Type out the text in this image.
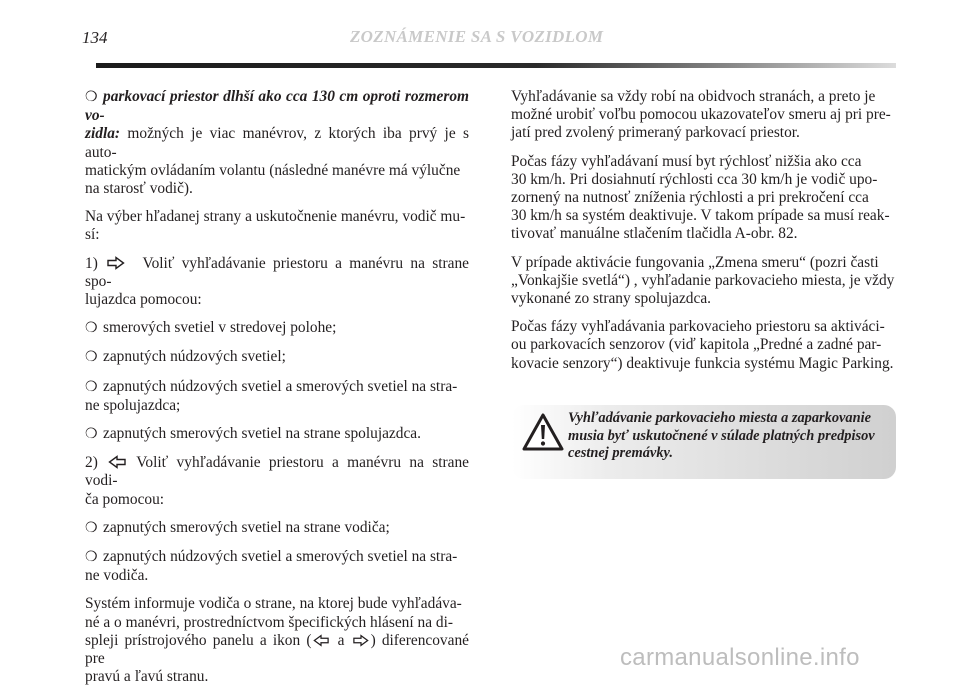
134	ZOZNÁMENIE SA S VOZIDLOM

❍ parkovací priestor dlhší ako cca 130 cm oproti rozmerom vo-
zidla: možných je viac manévrov, z ktorých iba prvý je s auto-
matickým ovládaním volantu (následné manévre má výlučne
na starosť vodič).

Na výber hľadanej strany a uskutočnenie manévru, vodič mu-
sí:

1)	Voliť vyhľadávanie priestoru a manévru na strane spo-
lujazdca pomocou:

❍ smerových svetiel v stredovej polohe;

❍ zapnutých núdzových svetiel;

❍ zapnutých núdzových svetiel a smerových svetiel na stra-
ne spolujazdca;

❍ zapnutých smerových svetiel na strane spolujazdca.

2)  Voliť vyhľadávanie priestoru a manévru na strane vodi-
ča pomocou:

❍ zapnutých smerových svetiel na strane vodiča;

❍ zapnutých núdzových svetiel a smerových svetiel na stra-
ne vodiča.

Systém informuje vodiča o strane, na ktorej bude vyhľadáva-
né a o manévri, prostredníctvom špecifických hlásení na di-
spleji prístrojového panelu a ikon ( a ) diferencované pre
pravú a ľavú stranu.

Vyhľadávanie sa vždy robí na obidvoch stranách, a preto je
možné urobiť voľbu pomocou ukazovateľov smeru aj pri pre-
jatí pred zvolený primeraný parkovací priestor.

Počas fázy vyhľadávaní musí byt rýchlosť nižšia ako cca
30 km/h. Pri dosiahnutí rýchlosti cca 30 km/h je vodič upo-
zornený na nutnosť zníženia rýchlosti a pri prekročení cca
30 km/h sa systém deaktivuje. V takom prípade sa musí reak-
tivovať manuálne stlačením tlačidla A-obr. 82.

V prípade aktivácie fungovania „Zmena smeru“ (pozri časti
„Vonkajšie svetlá“) , vyhľadanie parkovacieho miesta, je vždy
vykonané zo strany spolujazdca.

Počas fázy vyhľadávania parkovacieho priestoru sa aktiváci-
ou parkovacích senzorov (viď kapitola „Predné a zadné par-
kovacie senzory“) deaktivuje funkcia systému Magic Parking.

Vyhľadávanie parkovacieho miesta a zaparkovanie
musia byť uskutočnené v súlade platných predpisov
cestnej premávky.
carmanualsonline.info
